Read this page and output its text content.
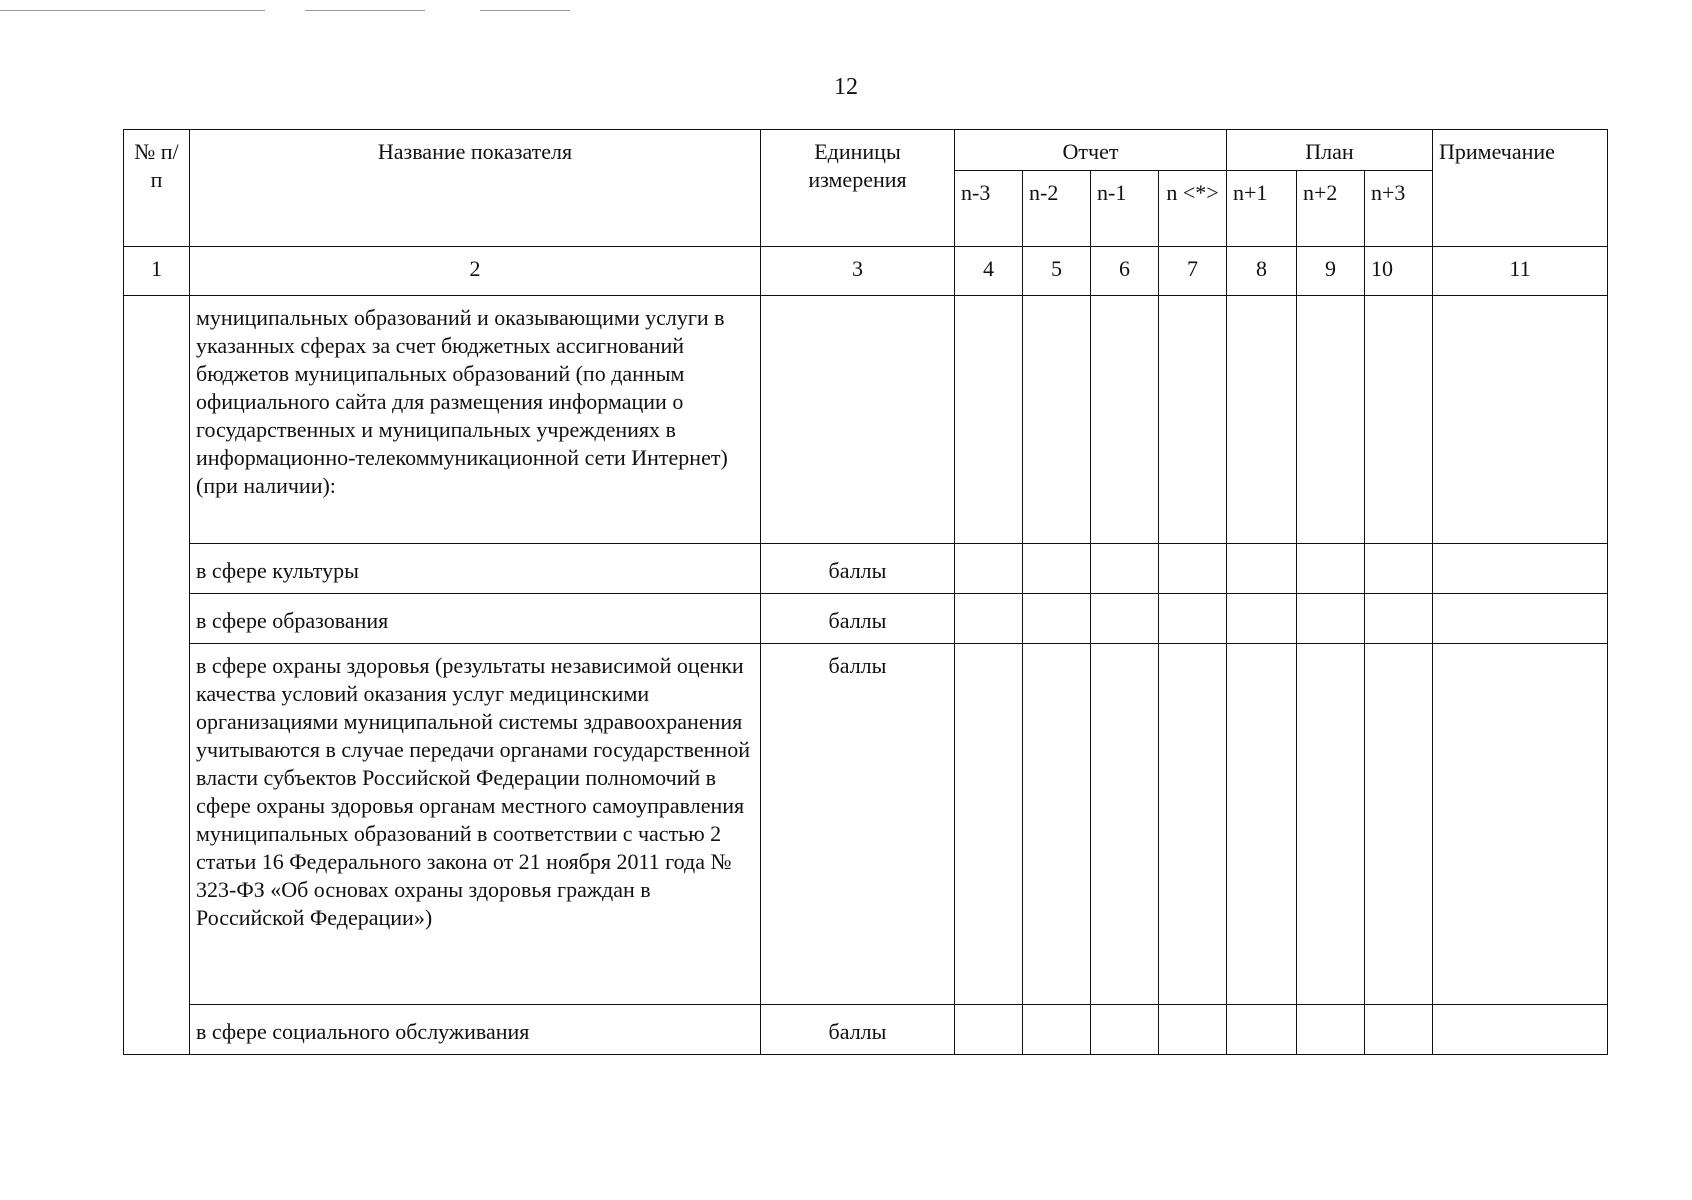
12
№ п/п	Название показателя	Единицы измерения	Отчет				План			Примечание
			n-3	n-2	n-1	n <*>	n+1	n+2	n+3	
1	2	3	4	5	6	7	8	9	10	11
	муниципальных образований и оказывающими услуги в указанных сферах за счет бюджетных ассигнований бюджетов муниципальных образований (по данным официального сайта для размещения информации о государственных и муниципальных учреждениях в информационно-телекоммуникационной сети Интернет) (при наличии):									
	в сфере культуры	баллы								
	в сфере образования	баллы								
	в сфере охраны здоровья (результаты независимой оценки качества условий оказания услуг медицинскими организациями муниципальной системы здравоохранения учитываются в случае передачи органами государственной власти субъектов Российской Федерации полномочий в сфере охраны здоровья органам местного самоуправления муниципальных образований в соответствии с частью 2 статьи 16 Федерального закона от 21 ноября 2011 года № 323-ФЗ «Об основах охраны здоровья граждан в Российской Федерации»)	баллы								
	в сфере социального обслуживания	баллы								
